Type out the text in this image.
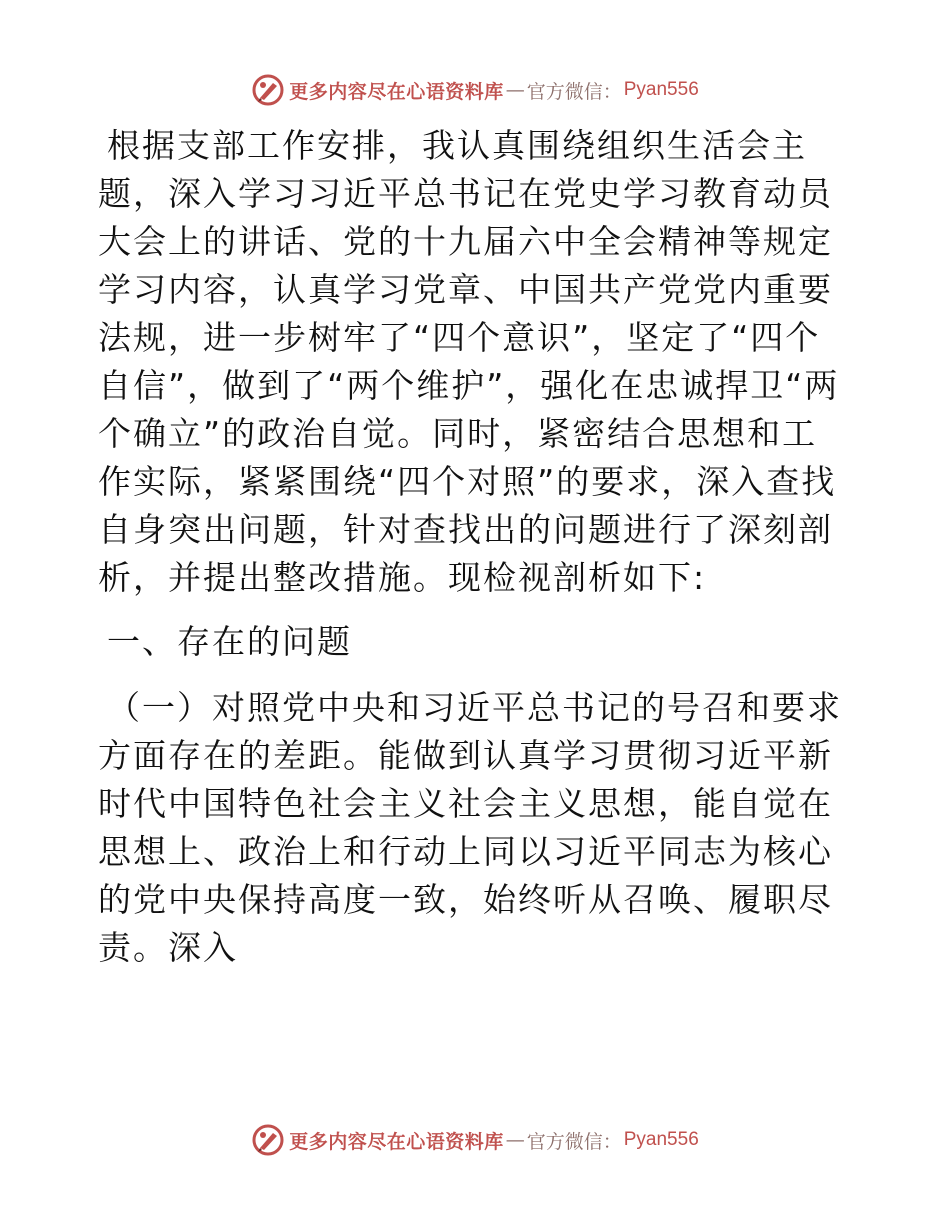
更多内容尽在心语资料库 — 官方微信： Pyan556

根据支部工作安排，我认真围绕组织生活会主题，深入学习习近平总书记在党史学习教育动员大会上的讲话、党的十九届六中全会精神等规定学习内容，认真学习党章、中国共产党党内重要法规，进一步树牢了“四个意识”，坚定了“四个自信”，做到了“两个维护”，强化在忠诚捍卫“两个确立”的政治自觉。同时，紧密结合思想和工作实际，紧紧围绕“四个对照”的要求，深入查找自身突出问题，针对查找出的问题进行了深刻剖析，并提出整改措施。现检视剖析如下:

一、存在的问题

（一）对照党中央和习近平总书记的号召和要求方面存在的差距。能做到认真学习贯彻习近平新时代中国特色社会主义社会主义思想，能自觉在思想上、政治上和行动上同以习近平同志为核心的党中央保持高度一致，始终听从召唤、履职尽责。深入

更多内容尽在心语资料库 — 官方微信： Pyan556
